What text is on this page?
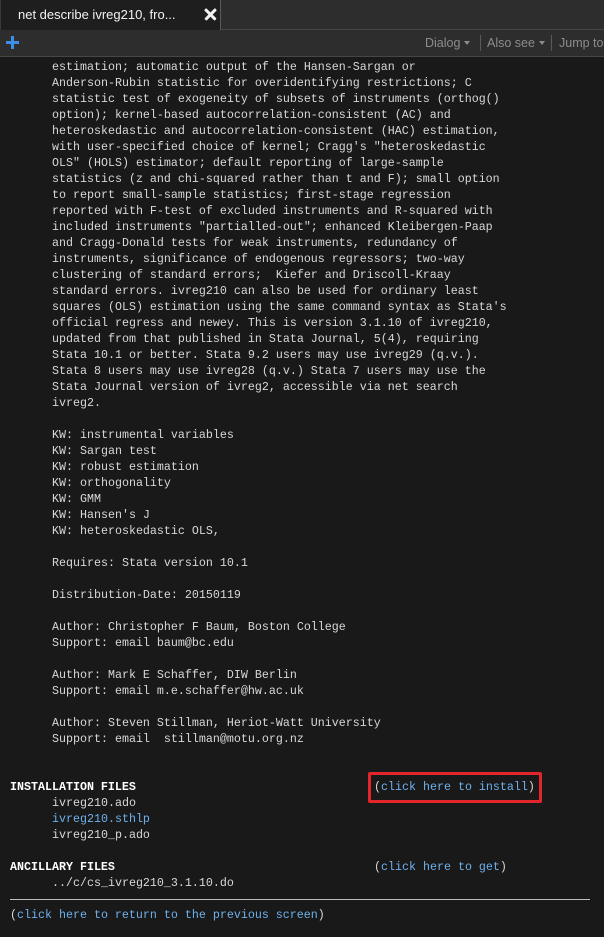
net describe ivreg210, fro...
Dialog	Also see	Jump to
estimation; automatic output of the Hansen-Sargan or
Anderson-Rubin statistic for overidentifying restrictions; C
statistic test of exogeneity of subsets of instruments (orthog()
option); kernel-based autocorrelation-consistent (AC) and
heteroskedastic and autocorrelation-consistent (HAC) estimation,
with user-specified choice of kernel; Cragg's "heteroskedastic
OLS" (HOLS) estimator; default reporting of large-sample
statistics (z and chi-squared rather than t and F); small option
to report small-sample statistics; first-stage regression
reported with F-test of excluded instruments and R-squared with
included instruments "partialled-out"; enhanced Kleibergen-Paap
and Cragg-Donald tests for weak instruments, redundancy of
instruments, significance of endogenous regressors; two-way
clustering of standard errors;  Kiefer and Driscoll-Kraay
standard errors. ivreg210 can also be used for ordinary least
squares (OLS) estimation using the same command syntax as Stata's
official regress and newey. This is version 3.1.10 of ivreg210,
updated from that published in Stata Journal, 5(4), requiring
Stata 10.1 or better. Stata 9.2 users may use ivreg29 (q.v.).
Stata 8 users may use ivreg28 (q.v.) Stata 7 users may use the
Stata Journal version of ivreg2, accessible via net search
ivreg2.
KW: instrumental variables
KW: Sargan test
KW: robust estimation
KW: orthogonality
KW: GMM
KW: Hansen's J
KW: heteroskedastic OLS,
Requires: Stata version 10.1
Distribution-Date: 20150119
Author: Christopher F Baum, Boston College
Support: email baum@bc.edu
Author: Mark E Schaffer, DIW Berlin
Support: email m.e.schaffer@hw.ac.uk
Author: Steven Stillman, Heriot-Watt University
Support: email  stillman@motu.org.nz
INSTALLATION FILES	(click here to install)
ivreg210.ado
ivreg210.sthlp
ivreg210_p.ado
ANCILLARY FILES	(click here to get)
../c/cs_ivreg210_3.1.10.do
(click here to return to the previous screen)
